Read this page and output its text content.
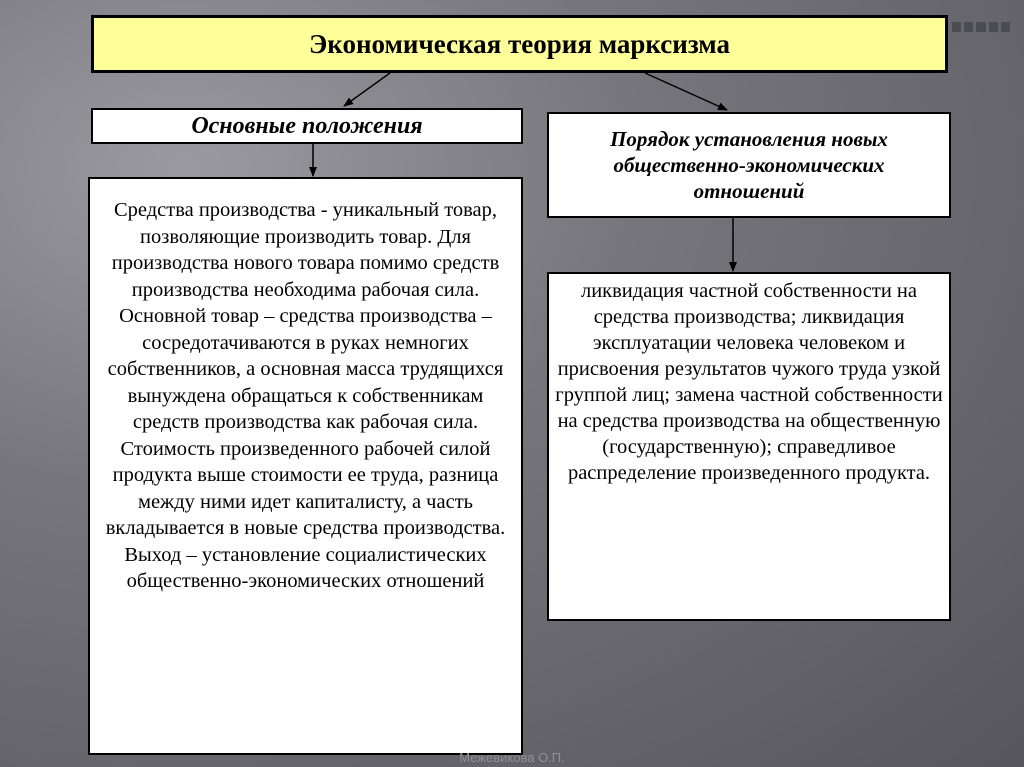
Экономическая теория марксизма
Основные положения
Порядок установления новых общественно-экономических отношений
Средства производства - уникальный товар, позволяющие производить товар. Для производства нового товара помимо средств производства необходима рабочая сила. Основной товар – средства производства – сосредотачиваются в руках немногих собственников, а основная масса трудящихся вынуждена обращаться к собственникам средств производства как рабочая сила. Стоимость произведенного рабочей силой продукта выше стоимости ее труда, разница между ними идет капиталисту, а часть вкладывается в новые средства производства. Выход – установление социалистических общественно-экономических отношений
ликвидация частной собственности на средства производства; ликвидация эксплуатации человека человеком и присвоения результатов чужого труда узкой группой лиц; замена частной собственности на средства производства на общественную (государственную); справедливое распределение произведенного продукта.
Межевикова О.П.
